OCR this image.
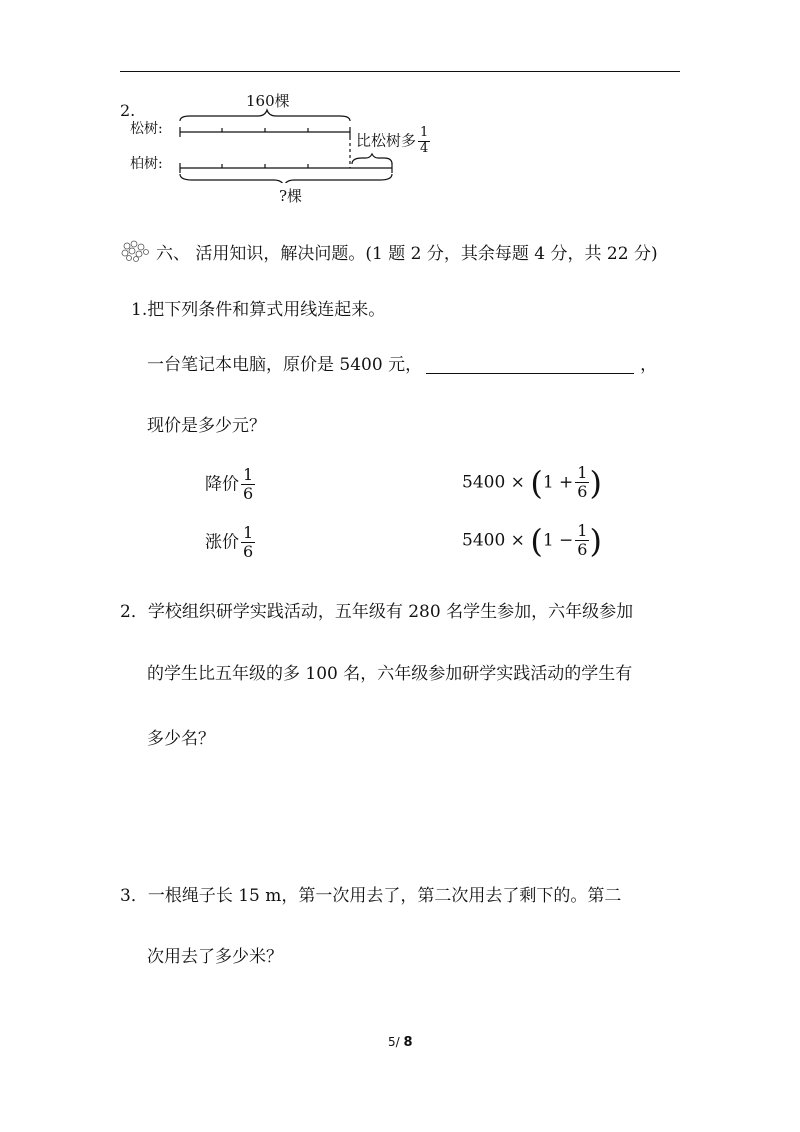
2.	160棵
松树:
柏树:
比松树多 $\frac{1}{4}$
?棵
六、 活用知识，解决问题。(1 题 2 分，其余每题 4 分，共 22 分)
1.把下列条件和算式用线连起来。
一台笔记本电脑，原价是 5400 元，	，
现价是多少元？
降价 $\frac{1}{6}$
涨价 $\frac{1}{6}$
$5400 \times (1 + \frac{1}{6}$ )
$5400 \times (1 - \frac{1}{6}$ )
2．学校组织研学实践活动，五年级有 280 名学生参加，六年级参加
的学生比五年级的多 100 名，六年级参加研学实践活动的学生有
多少名？
3．一根绳子长 15 m，第一次用去了，第二次用去了剩下的。第二
次用去了多少米？
5/ 8
